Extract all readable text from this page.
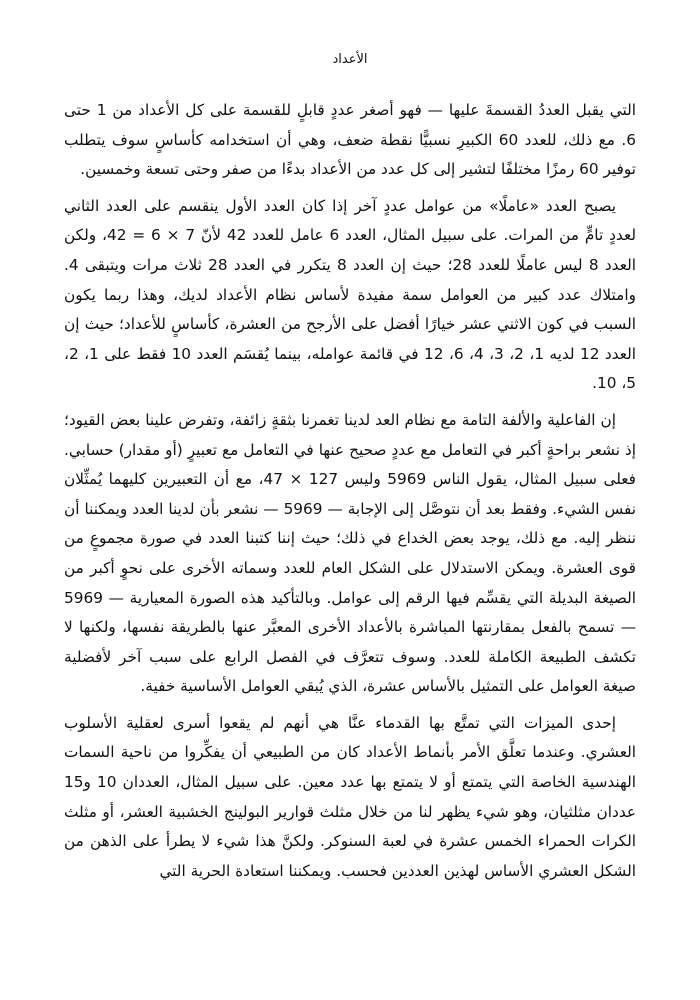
الأعداد

التي يقبل العددُ القسمةَ عليها — فهو أصغر عددٍ قابلٍ للقسمة على كل الأعداد من 1 حتى 6. مع ذلك، للعدد 60 الكبيرِ نسبيًّا نقطة ضعف، وهي أن استخدامه كأساسٍ سوف يتطلب توفير 60 رمزًا مختلفًا لتشير إلى كل عدد من الأعداد بدءًا من صفر وحتى تسعة وخمسين.

يصبح العدد «عاملًا» من عوامل عددٍ آخر إذا كان العدد الأول ينقسم على العدد الثاني لعددٍ تامٍّ من المرات. على سبيل المثال، العدد 6 عامل للعدد 42 لأنّ 7 × 6 = 42، ولكن العدد 8 ليس عاملًا للعدد 28؛ حيث إن العدد 8 يتكرر في العدد 28 ثلاث مرات ويتبقى 4. وامتلاك عدد كبير من العوامل سمة مفيدة لأساس نظام الأعداد لديك، وهذا ربما يكون السبب في كون الاثني عشر خيارًا أفضل على الأرجح من العشرة، كأساسٍ للأعداد؛ حيث إن العدد 12 لديه 1، 2، 3، 4، 6، 12 في قائمة عوامله، بينما يُقسَم العدد 10 فقط على 1، 2، 5، 10.

إن الفاعلية والألفة التامة مع نظام العد لدينا تغمرنا بثقةٍ زائفة، وتفرض علينا بعض القيود؛ إذ نشعر براحةٍ أكبر في التعامل مع عددٍ صحيح عنها في التعامل مع تعبيرٍ (أو مقدار) حسابي. فعلى سبيل المثال، يقول الناس 5969 وليس 127 × 47، مع أن التعبيرين كليهما يُمثِّلان نفس الشيء. وفقط بعد أن نتوصَّل إلى الإجابة — 5969 — نشعر بأن لدينا العدد ويمكننا أن ننظر إليه. مع ذلك، يوجد بعض الخداع في ذلك؛ حيث إننا كتبنا العدد في صورة مجموعٍ من قوى العشرة. ويمكن الاستدلال على الشكل العام للعدد وسماته الأخرى على نحوٍ أكبر من الصيغة البديلة التي يقسِّم فيها الرقم إلى عوامل. وبالتأكيد هذه الصورة المعيارية — 5969 — تسمح بالفعل بمقارنتها المباشرة بالأعداد الأخرى المعبَّر عنها بالطريقة نفسها، ولكنها لا تكشف الطبيعة الكاملة للعدد. وسوف تتعرَّف في الفصل الرابع على سبب آخر لأفضلية صيغة العوامل على التمثيل بالأساس عشرة، الذي يُبقي العوامل الأساسية خفية.

إحدى الميزات التي تمتَّع بها القدماء عنَّا هي أنهم لم يقعوا أسرى لعقلية الأسلوب العشري. وعندما تعلَّق الأمر بأنماط الأعداد كان من الطبيعي أن يفكِّروا من ناحية السمات الهندسية الخاصة التي يتمتع أو لا يتمتع بها عدد معين. على سبيل المثال، العددان 10 و15 عددان مثلثيان، وهو شيء يظهر لنا من خلال مثلث قوارير البولينج الخشبية العشر، أو مثلث الكرات الحمراء الخمس عشرة في لعبة السنوكر. ولكنَّ هذا شيء لا يطرأ على الذهن من الشكل العشري الأساس لهذين العددين فحسب. ويمكننا استعادة الحرية التي
